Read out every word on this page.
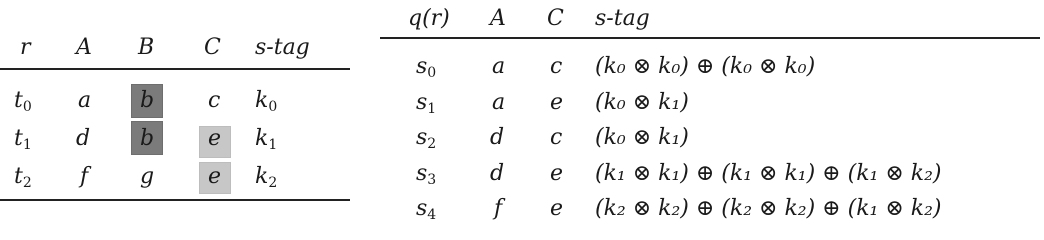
r A B C s-tag
$t_0$ a b c $k_0$
$t_1$ d b e $k_1$
$t_2$ f g e $k_2$
q(r) A C s-tag
$s_0$	a c (k₀ ⊗ k₀) ⊕ (k₀ ⊗ k₀)
$s_1$	a e (k₀ ⊗ k₁)
$s_2$ d c (k₀ ⊗ k₁)
$s_3$ d e (k₁ ⊗ k₁) ⊕ (k₁ ⊗ k₁) ⊕ (k₁ ⊗ k₂)
$s_4$	f e (k₂ ⊗ k₂) ⊕ (k₂ ⊗ k₂) ⊕ (k₁ ⊗ k₂)
